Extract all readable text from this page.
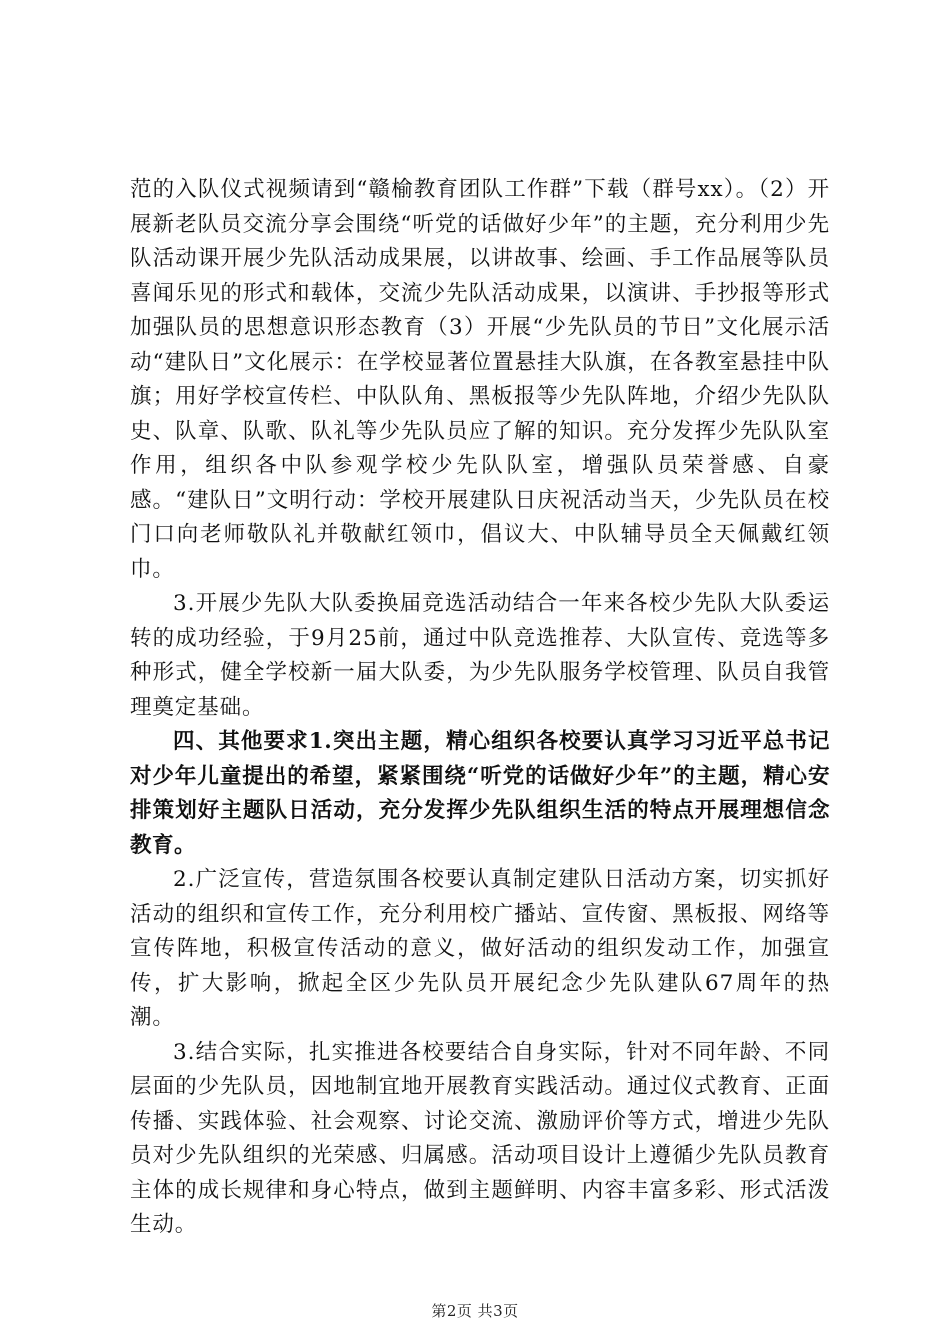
范的入队仪式视频请到“赣榆教育团队工作群”下载（群号xx）。（2）开展新老队员交流分享会围绕“听党的话做好少年”的主题，充分利用少先队活动课开展少先队活动成果展，以讲故事、绘画、手工作品展等队员喜闻乐见的形式和载体，交流少先队活动成果，以演讲、手抄报等形式加强队员的思想意识形态教育（3）开展“少先队员的节日”文化展示活动“建队日”文化展示：在学校显著位置悬挂大队旗，在各教室悬挂中队旗；用好学校宣传栏、中队队角、黑板报等少先队阵地，介绍少先队队史、队章、队歌、队礼等少先队员应了解的知识。充分发挥少先队队室作用，组织各中队参观学校少先队队室，增强队员荣誉感、自豪感。“建队日”文明行动：学校开展建队日庆祝活动当天，少先队员在校门口向老师敬队礼并敬献红领巾，倡议大、中队辅导员全天佩戴红领巾。

3.开展少先队大队委换届竞选活动结合一年来各校少先队大队委运转的成功经验，于9月25前，通过中队竞选推荐、大队宣传、竞选等多种形式，健全学校新一届大队委，为少先队服务学校管理、队员自我管理奠定基础。

四、其他要求1.突出主题，精心组织各校要认真学习习近平总书记对少年儿童提出的希望，紧紧围绕“听党的话做好少年”的主题，精心安排策划好主题队日活动，充分发挥少先队组织生活的特点开展理想信念教育。

2.广泛宣传，营造氛围各校要认真制定建队日活动方案，切实抓好活动的组织和宣传工作，充分利用校广播站、宣传窗、黑板报、网络等宣传阵地，积极宣传活动的意义，做好活动的组织发动工作，加强宣传，扩大影响，掀起全区少先队员开展纪念少先队建队67周年的热潮。

3.结合实际，扎实推进各校要结合自身实际，针对不同年龄、不同层面的少先队员，因地制宜地开展教育实践活动。通过仪式教育、正面传播、实践体验、社会观察、讨论交流、激励评价等方式，增进少先队员对少先队组织的光荣感、归属感。活动项目设计上遵循少先队员教育主体的成长规律和身心特点，做到主题鲜明、内容丰富多彩、形式活泼生动。

第2页 共3页
